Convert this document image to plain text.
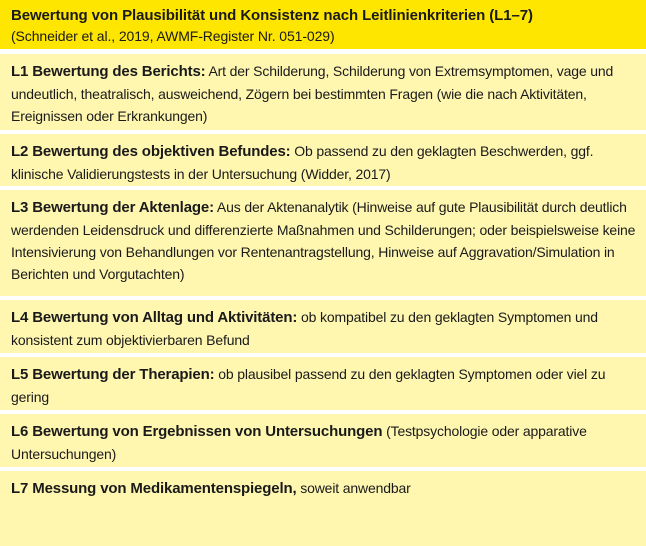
Bewertung von Plausibilität und Konsistenz nach Leitlinienkriterien (L1–7)
(Schneider et al., 2019, AWMF-Register Nr. 051-029)
L1 Bewertung des Berichts: Art der Schilderung, Schilderung von Extremsymptomen, vage und undeutlich, theatralisch, ausweichend, Zögern bei bestimmten Fragen (wie die nach Aktivitäten, Ereignissen oder Erkrankungen)
L2 Bewertung des objektiven Befundes: Ob passend zu den geklagten Beschwerden, ggf. klinische Validierungstests in der Untersuchung (Widder, 2017)
L3 Bewertung der Aktenlage: Aus der Aktenanalytik (Hinweise auf gute Plausibilität durch deutlich werdenden Leidensdruck und differenzierte Maßnahmen und Schilderungen; oder beispielsweise keine Intensivierung von Behandlungen vor Rentenantragstellung, Hinweise auf Aggravation/Simulation in Berichten und Vorgutachten)
L4 Bewertung von Alltag und Aktivitäten: ob kompatibel zu den geklagten Symptomen und konsistent zum objektivierbaren Befund
L5 Bewertung der Therapien: ob plausibel passend zu den geklagten Symptomen oder viel zu gering
L6 Bewertung von Ergebnissen von Untersuchungen (Testpsychologie oder apparative Untersuchungen)
L7 Messung von Medikamentenspiegeln, soweit anwendbar
